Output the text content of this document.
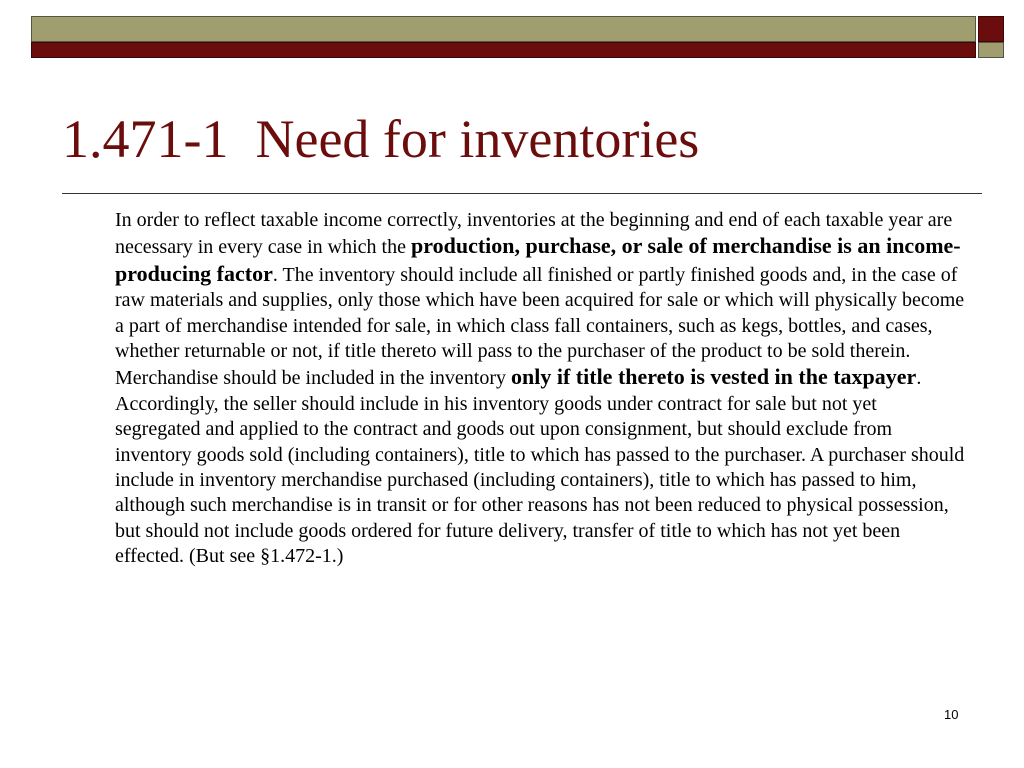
1.471-1  Need for inventories

In order to reflect taxable income correctly, inventories at the beginning and end of each taxable year are necessary in every case in which the production, purchase, or sale of merchandise is an income-producing factor. The inventory should include all finished or partly finished goods and, in the case of raw materials and supplies, only those which have been acquired for sale or which will physically become a part of merchandise intended for sale, in which class fall containers, such as kegs, bottles, and cases, whether returnable or not, if title thereto will pass to the purchaser of the product to be sold therein. Merchandise should be included in the inventory only if title thereto is vested in the taxpayer. Accordingly, the seller should include in his inventory goods under contract for sale but not yet segregated and applied to the contract and goods out upon consignment, but should exclude from inventory goods sold (including containers), title to which has passed to the purchaser. A purchaser should include in inventory merchandise purchased (including containers), title to which has passed to him, although such merchandise is in transit or for other reasons has not been reduced to physical possession, but should not include goods ordered for future delivery, transfer of title to which has not yet been effected. (But see §1.472-1.)

10
